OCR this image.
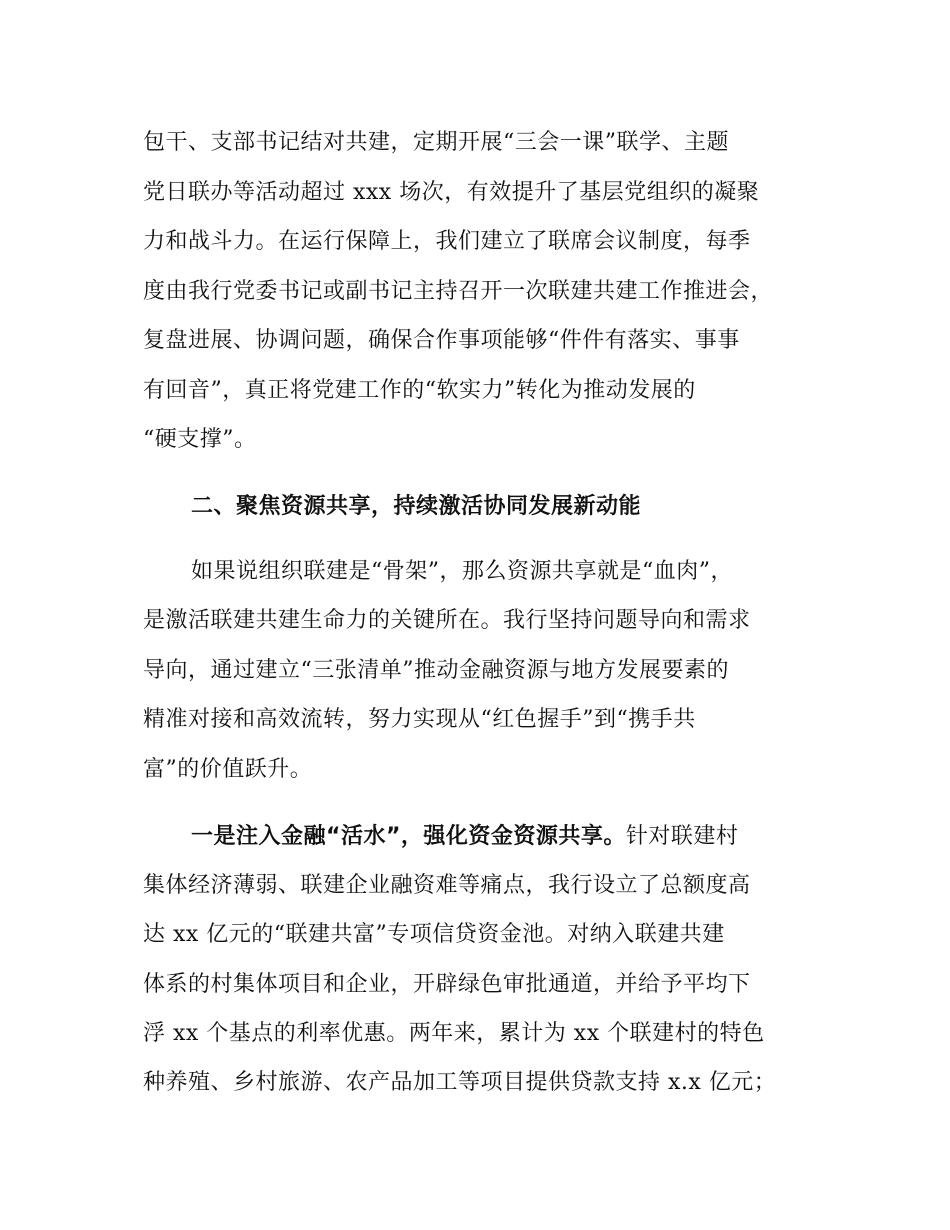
包干、支部书记结对共建，定期开展“三会一课”联学、主题
党日联办等活动超过 xxx 场次，有效提升了基层党组织的凝聚
力和战斗力。在运行保障上，我们建立了联席会议制度，每季
度由我行党委书记或副书记主持召开一次联建共建工作推进会，
复盘进展、协调问题，确保合作事项能够“件件有落实、事事
有回音”，真正将党建工作的“软实力”转化为推动发展的
“硬支撑”。
二、聚焦资源共享，持续激活协同发展新动能
如果说组织联建是“骨架”，那么资源共享就是“血肉”，
是激活联建共建生命力的关键所在。我行坚持问题导向和需求
导向，通过建立“三张清单”推动金融资源与地方发展要素的
精准对接和高效流转，努力实现从“红色握手”到“携手共
富”的价值跃升。
一是注入金融“活水”，强化资金资源共享。针对联建村
集体经济薄弱、联建企业融资难等痛点，我行设立了总额度高
达 xx 亿元的“联建共富”专项信贷资金池。对纳入联建共建
体系的村集体项目和企业，开辟绿色审批通道，并给予平均下
浮 xx 个基点的利率优惠。两年来，累计为 xx 个联建村的特色
种养殖、乡村旅游、农产品加工等项目提供贷款支持 x.x 亿元；
